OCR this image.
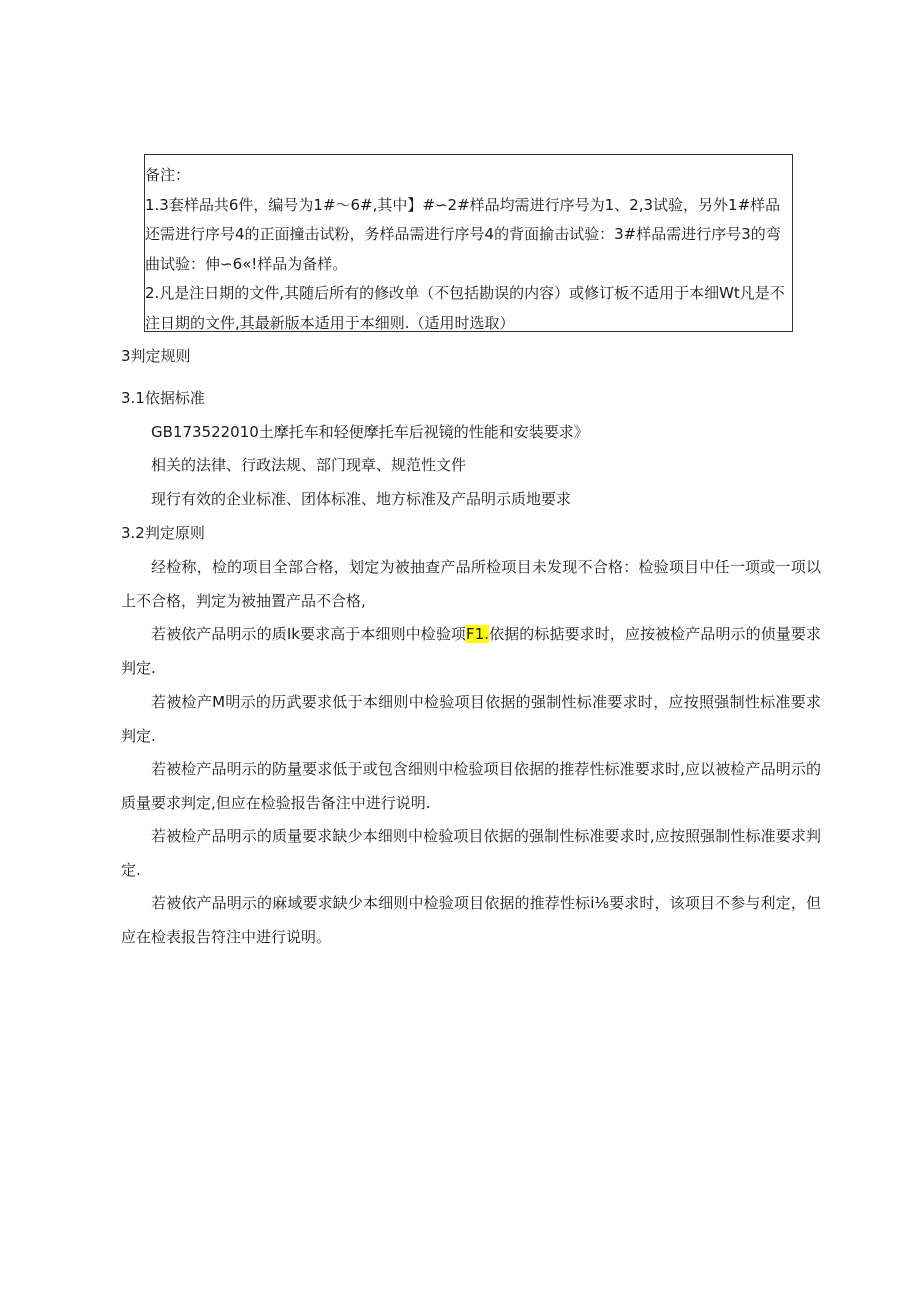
备注：

1.3套样品共6件，编号为1#～6#,其中】#∽2#样品均需进行序号为1、2,3试验，另外1#样品还需进行序号4的正面撞击试粉，务样品需进行序号4的背面揄击试验：3#样品需进行序号3的弯曲试验：伸∽6«!样品为备样。

2.凡是注日期的文件,其随后所有的修改单（不包括勘误的内容）或修订板不适用于本细Wt凡是不注日期的文件,其最新版本适用于本细则.（适用时选取）

3判定规则

3.1依据标准

GB173522010土摩托车和轻便摩托车后视镜的性能和安装要求》

相关的法律、行政法规、部门现章、规范性文件

现行有效的企业标准、团体标准、地方标准及产品明示质地要求

3.2判定原则

经检称，检的项目全部合格，划定为被抽查产品所检项目未发现不合格：检验项目中任一项或一项以上不合格，判定为被抽置产品不合格,

若被依产品明示的质Ik要求高于本细则中检验项F1.依据的标掂要求时，应按被检产品明示的侦量要求判定.

若被检产M明示的历武要求低于本细则中检验项目依据的强制性标准要求时，应按照强制性标准要求判定.

若被检产品明示的防量要求低于或包含细则中检验项目依据的推荐性标准要求时,应以被检产品明示的质量要求判定,但应在检验报告备注中进行说明.

若被检产品明示的质量要求缺少本细则中检验项目依据的强制性标准要求时,应按照强制性标准要求判定.

若被依产品明示的麻域要求缺少本细则中检验项目依据的推荐性标i⅛要求时，该项目不参与利定，但应在检表报告符注中进行说明。
